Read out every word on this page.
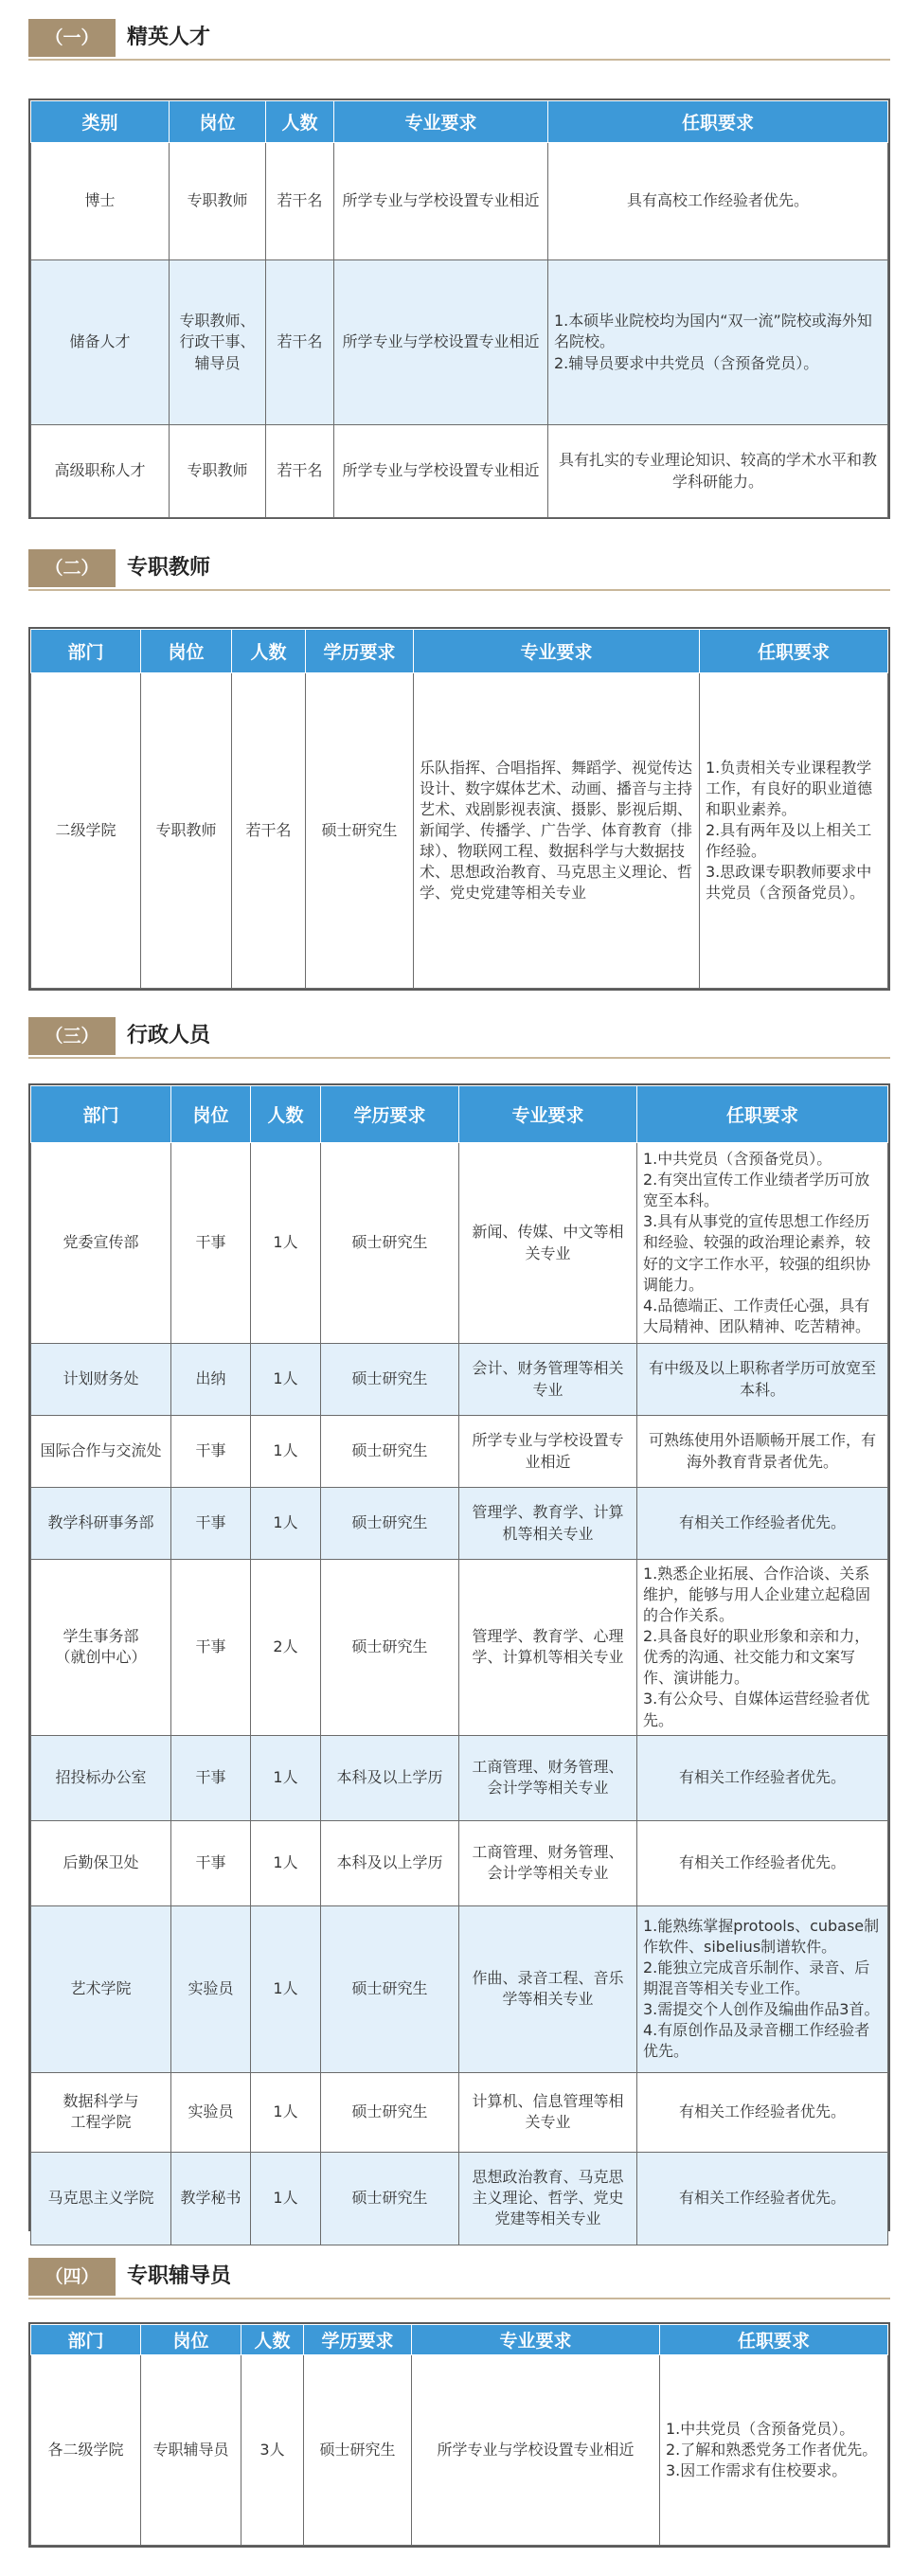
（一）	精英人才
类别	岗位	人数	专业要求	任职要求
博士	专职教师	若干名	所学专业与学校设置专业相近	具有高校工作经验者优先。
储备人才	专职教师、行政干事、辅导员	若干名	所学专业与学校设置专业相近	1.本硕毕业院校均为国内“双一流”院校或海外知名院校。
2.辅导员要求中共党员（含预备党员）。
高级职称人才	专职教师	若干名	所学专业与学校设置专业相近	具有扎实的专业理论知识、较高的学术水平和教学科研能力。
（二）	专职教师
部门	岗位	人数	学历要求	专业要求	任职要求
二级学院	专职教师	若干名	硕士研究生	乐队指挥、合唱指挥、舞蹈学、视觉传达设计、数字媒体艺术、动画、播音与主持艺术、戏剧影视表演、摄影、影视后期、新闻学、传播学、广告学、体育教育（排球）、物联网工程、数据科学与大数据技术、思想政治教育、马克思主义理论、哲学、党史党建等相关专业	1.负责相关专业课程教学工作，有良好的职业道德和职业素养。
2.具有两年及以上相关工作经验。
3.思政课专职教师要求中共党员（含预备党员）。
（三）	行政人员
部门	岗位	人数	学历要求	专业要求	任职要求
党委宣传部	干事	1人	硕士研究生	新闻、传媒、中文等相关专业	1.中共党员（含预备党员）。
2.有突出宣传工作业绩者学历可放宽至本科。
3.具有从事党的宣传思想工作经历和经验、较强的政治理论素养，较好的文字工作水平，较强的组织协调能力。
4.品德端正、工作责任心强，具有大局精神、团队精神、吃苦精神。
计划财务处	出纳	1人	硕士研究生	会计、财务管理等相关专业	有中级及以上职称者学历可放宽至本科。
国际合作与交流处	干事	1人	硕士研究生	所学专业与学校设置专业相近	可熟练使用外语顺畅开展工作，有海外教育背景者优先。
教学科研事务部	干事	1人	硕士研究生	管理学、教育学、计算机等相关专业	有相关工作经验者优先。
学生事务部
（就创中心）	干事	2人	硕士研究生	管理学、教育学、心理学、计算机等相关专业	1.熟悉企业拓展、合作洽谈、关系维护，能够与用人企业建立起稳固的合作关系。
2.具备良好的职业形象和亲和力，优秀的沟通、社交能力和文案写作、演讲能力。
3.有公众号、自媒体运营经验者优先。
招投标办公室	干事	1人	本科及以上学历	工商管理、财务管理、会计学等相关专业	有相关工作经验者优先。
后勤保卫处	干事	1人	本科及以上学历	工商管理、财务管理、会计学等相关专业	有相关工作经验者优先。
艺术学院	实验员	1人	硕士研究生	作曲、录音工程、音乐学等相关专业	1.能熟练掌握protools、cubase制作软件、sibelius制谱软件。
2.能独立完成音乐制作、录音、后期混音等相关专业工作。
3.需提交个人创作及编曲作品3首。
4.有原创作品及录音棚工作经验者优先。
数据科学与
工程学院	实验员	1人	硕士研究生	计算机、信息管理等相关专业	有相关工作经验者优先。
马克思主义学院	教学秘书	1人	硕士研究生	思想政治教育、马克思主义理论、哲学、党史党建等相关专业	有相关工作经验者优先。
（四）	专职辅导员
部门	岗位	人数	学历要求	专业要求	任职要求
各二级学院	专职辅导员	3人	硕士研究生	所学专业与学校设置专业相近	1.中共党员（含预备党员）。
2.了解和熟悉党务工作者优先。
3.因工作需求有住校要求。
